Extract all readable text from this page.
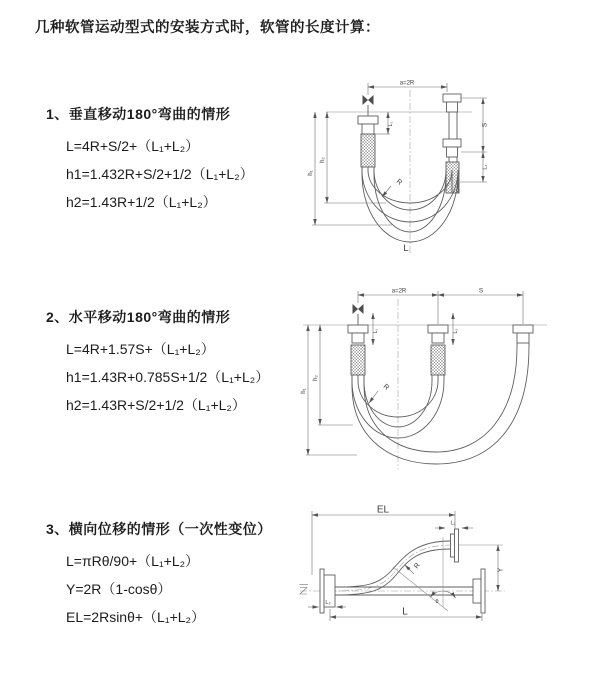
几种软管运动型式的安装方式时，软管的长度计算：
1、垂直移动180°弯曲的情形

L=4R+S/2+（L₁+L₂）

h1=1.432R+S/2+1/2（L₁+L₂）

h2=1.43R+1/2（L₁+L₂）

2、水平移动180°弯曲的情形

L=4R+1.57S+（L₁+L₂）

h1=1.43R+0.785S+1/2（L₁+L₂）

h2=1.43R+S/2+1/2（L₁+L₂）

3、横向位移的情形（一次性变位）

L=πRθ/90+（L₁+L₂）

Y=2R（1-cosθ）

EL=2Rsinθ+（L₁+L₂）

a=2R
S
L₂
L₁
h₁
h₂
R
L
a=2R	S
L₁	L₂
h₁
h₂
R
EL
L₁
Y
θ
R
L₂
L
